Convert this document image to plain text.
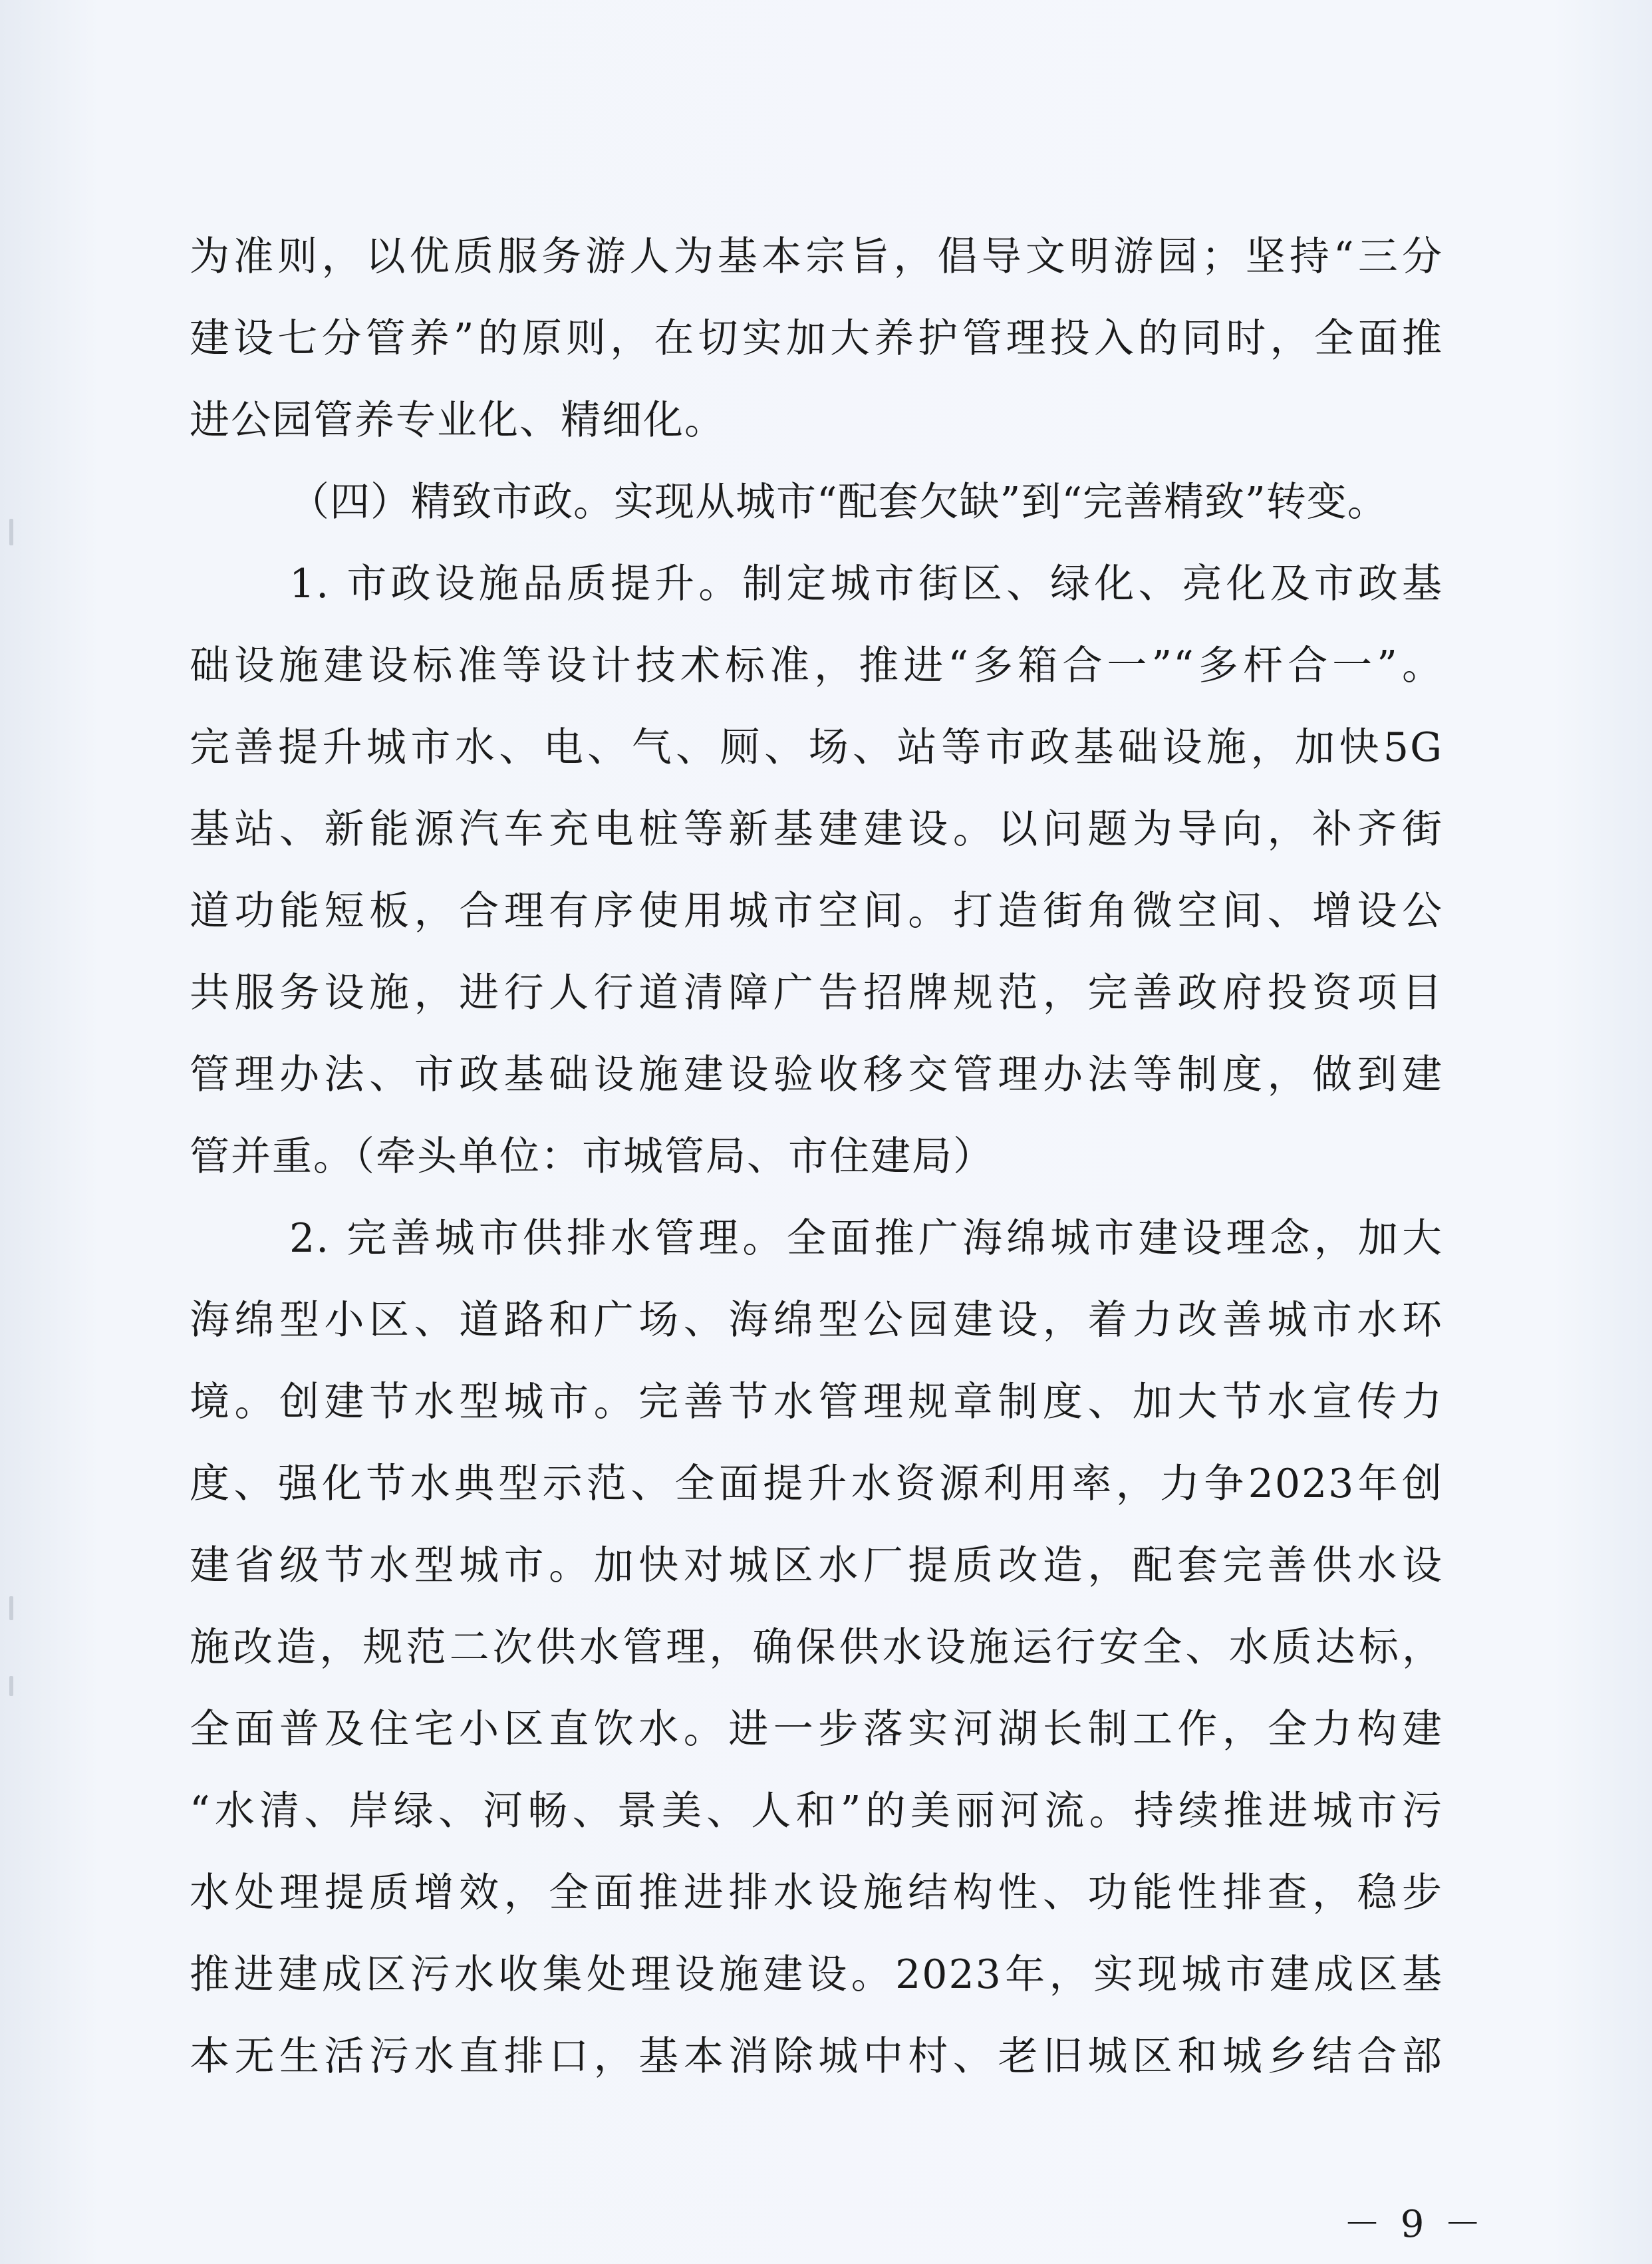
为准则，以优质服务游人为基本宗旨，倡导文明游园；坚持“三分
建设七分管养”的原则，在切实加大养护管理投入的同时，全面推
进公园管养专业化、精细化。
（四）精致市政。实现从城市“配套欠缺”到“完善精致”转变。
1. 市政设施品质提升。制定城市街区、绿化、亮化及市政基
础设施建设标准等设计技术标准，推进“多箱合一”“多杆合一”。
完善提升城市水、电、气、厕、场、站等市政基础设施，加快5G
基站、新能源汽车充电桩等新基建建设。以问题为导向，补齐街
道功能短板，合理有序使用城市空间。打造街角微空间、增设公
共服务设施，进行人行道清障广告招牌规范，完善政府投资项目
管理办法、市政基础设施建设验收移交管理办法等制度，做到建
管并重。（牵头单位：市城管局、市住建局）
2. 完善城市供排水管理。全面推广海绵城市建设理念，加大
海绵型小区、道路和广场、海绵型公园建设，着力改善城市水环
境。创建节水型城市。完善节水管理规章制度、加大节水宣传力
度、强化节水典型示范、全面提升水资源利用率，力争2023年创
建省级节水型城市。加快对城区水厂提质改造，配套完善供水设
施改造，规范二次供水管理，确保供水设施运行安全、水质达标，
全面普及住宅小区直饮水。进一步落实河湖长制工作，全力构建
“水清、岸绿、河畅、景美、人和”的美丽河流。持续推进城市污
水处理提质增效，全面推进排水设施结构性、功能性排查，稳步
推进建成区污水收集处理设施建设。2023年，实现城市建成区基
本无生活污水直排口，基本消除城中村、老旧城区和城乡结合部
－ 9 －
